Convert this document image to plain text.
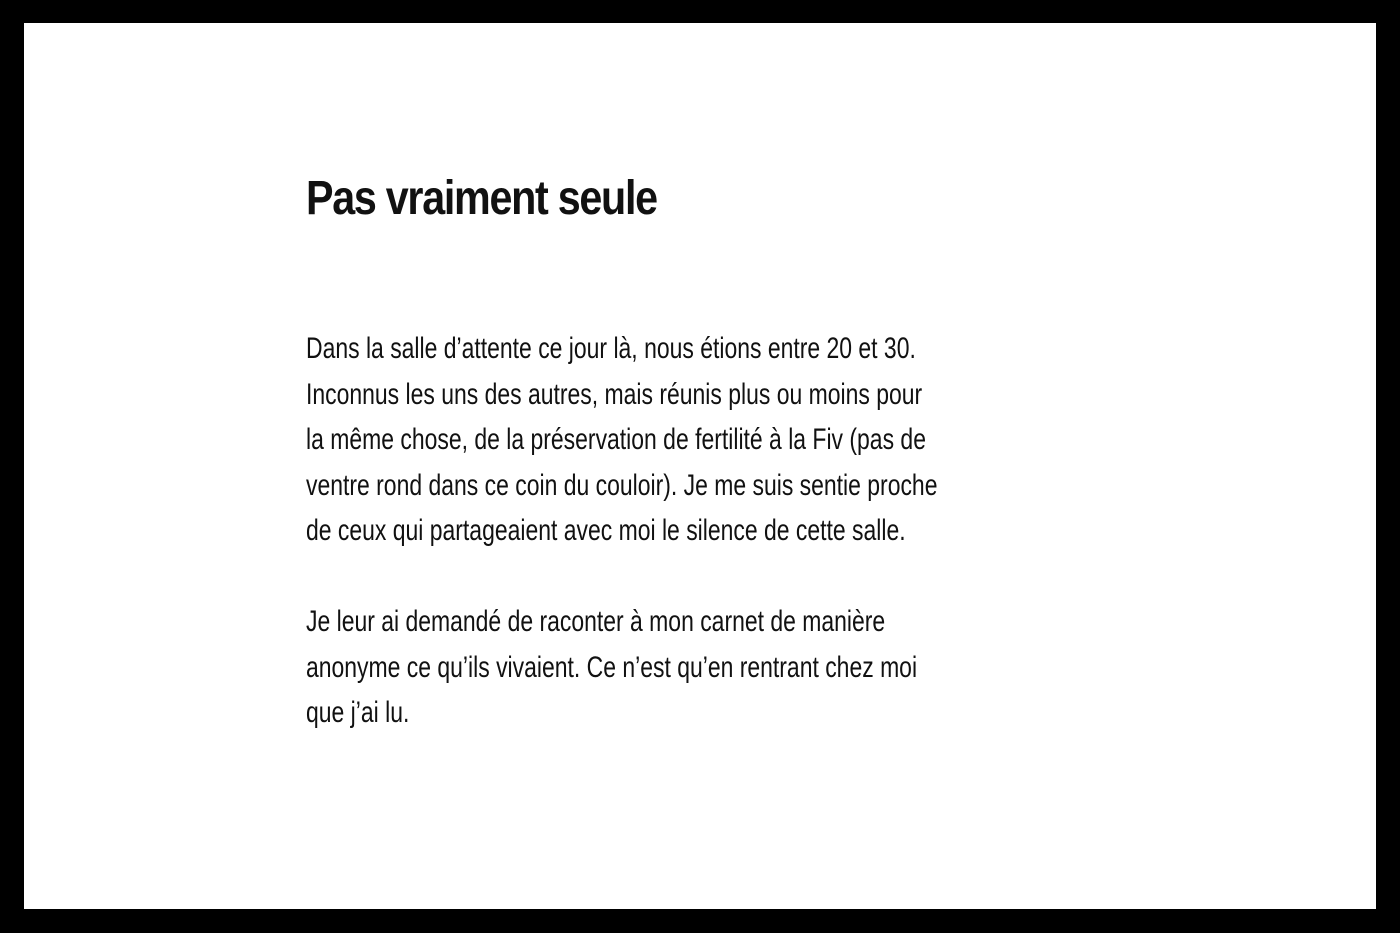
Pas vraiment seule

Dans la salle d’attente ce jour là, nous étions entre 20 et 30.
Inconnus les uns des autres, mais réunis plus ou moins pour
la même chose, de la préservation de fertilité à la Fiv (pas de
ventre rond dans ce coin du couloir). Je me suis sentie proche
de ceux qui partageaient avec moi le silence de cette salle.

Je leur ai demandé de raconter à mon carnet de manière
anonyme ce qu’ils vivaient. Ce n’est qu’en rentrant chez moi
que j’ai lu.
